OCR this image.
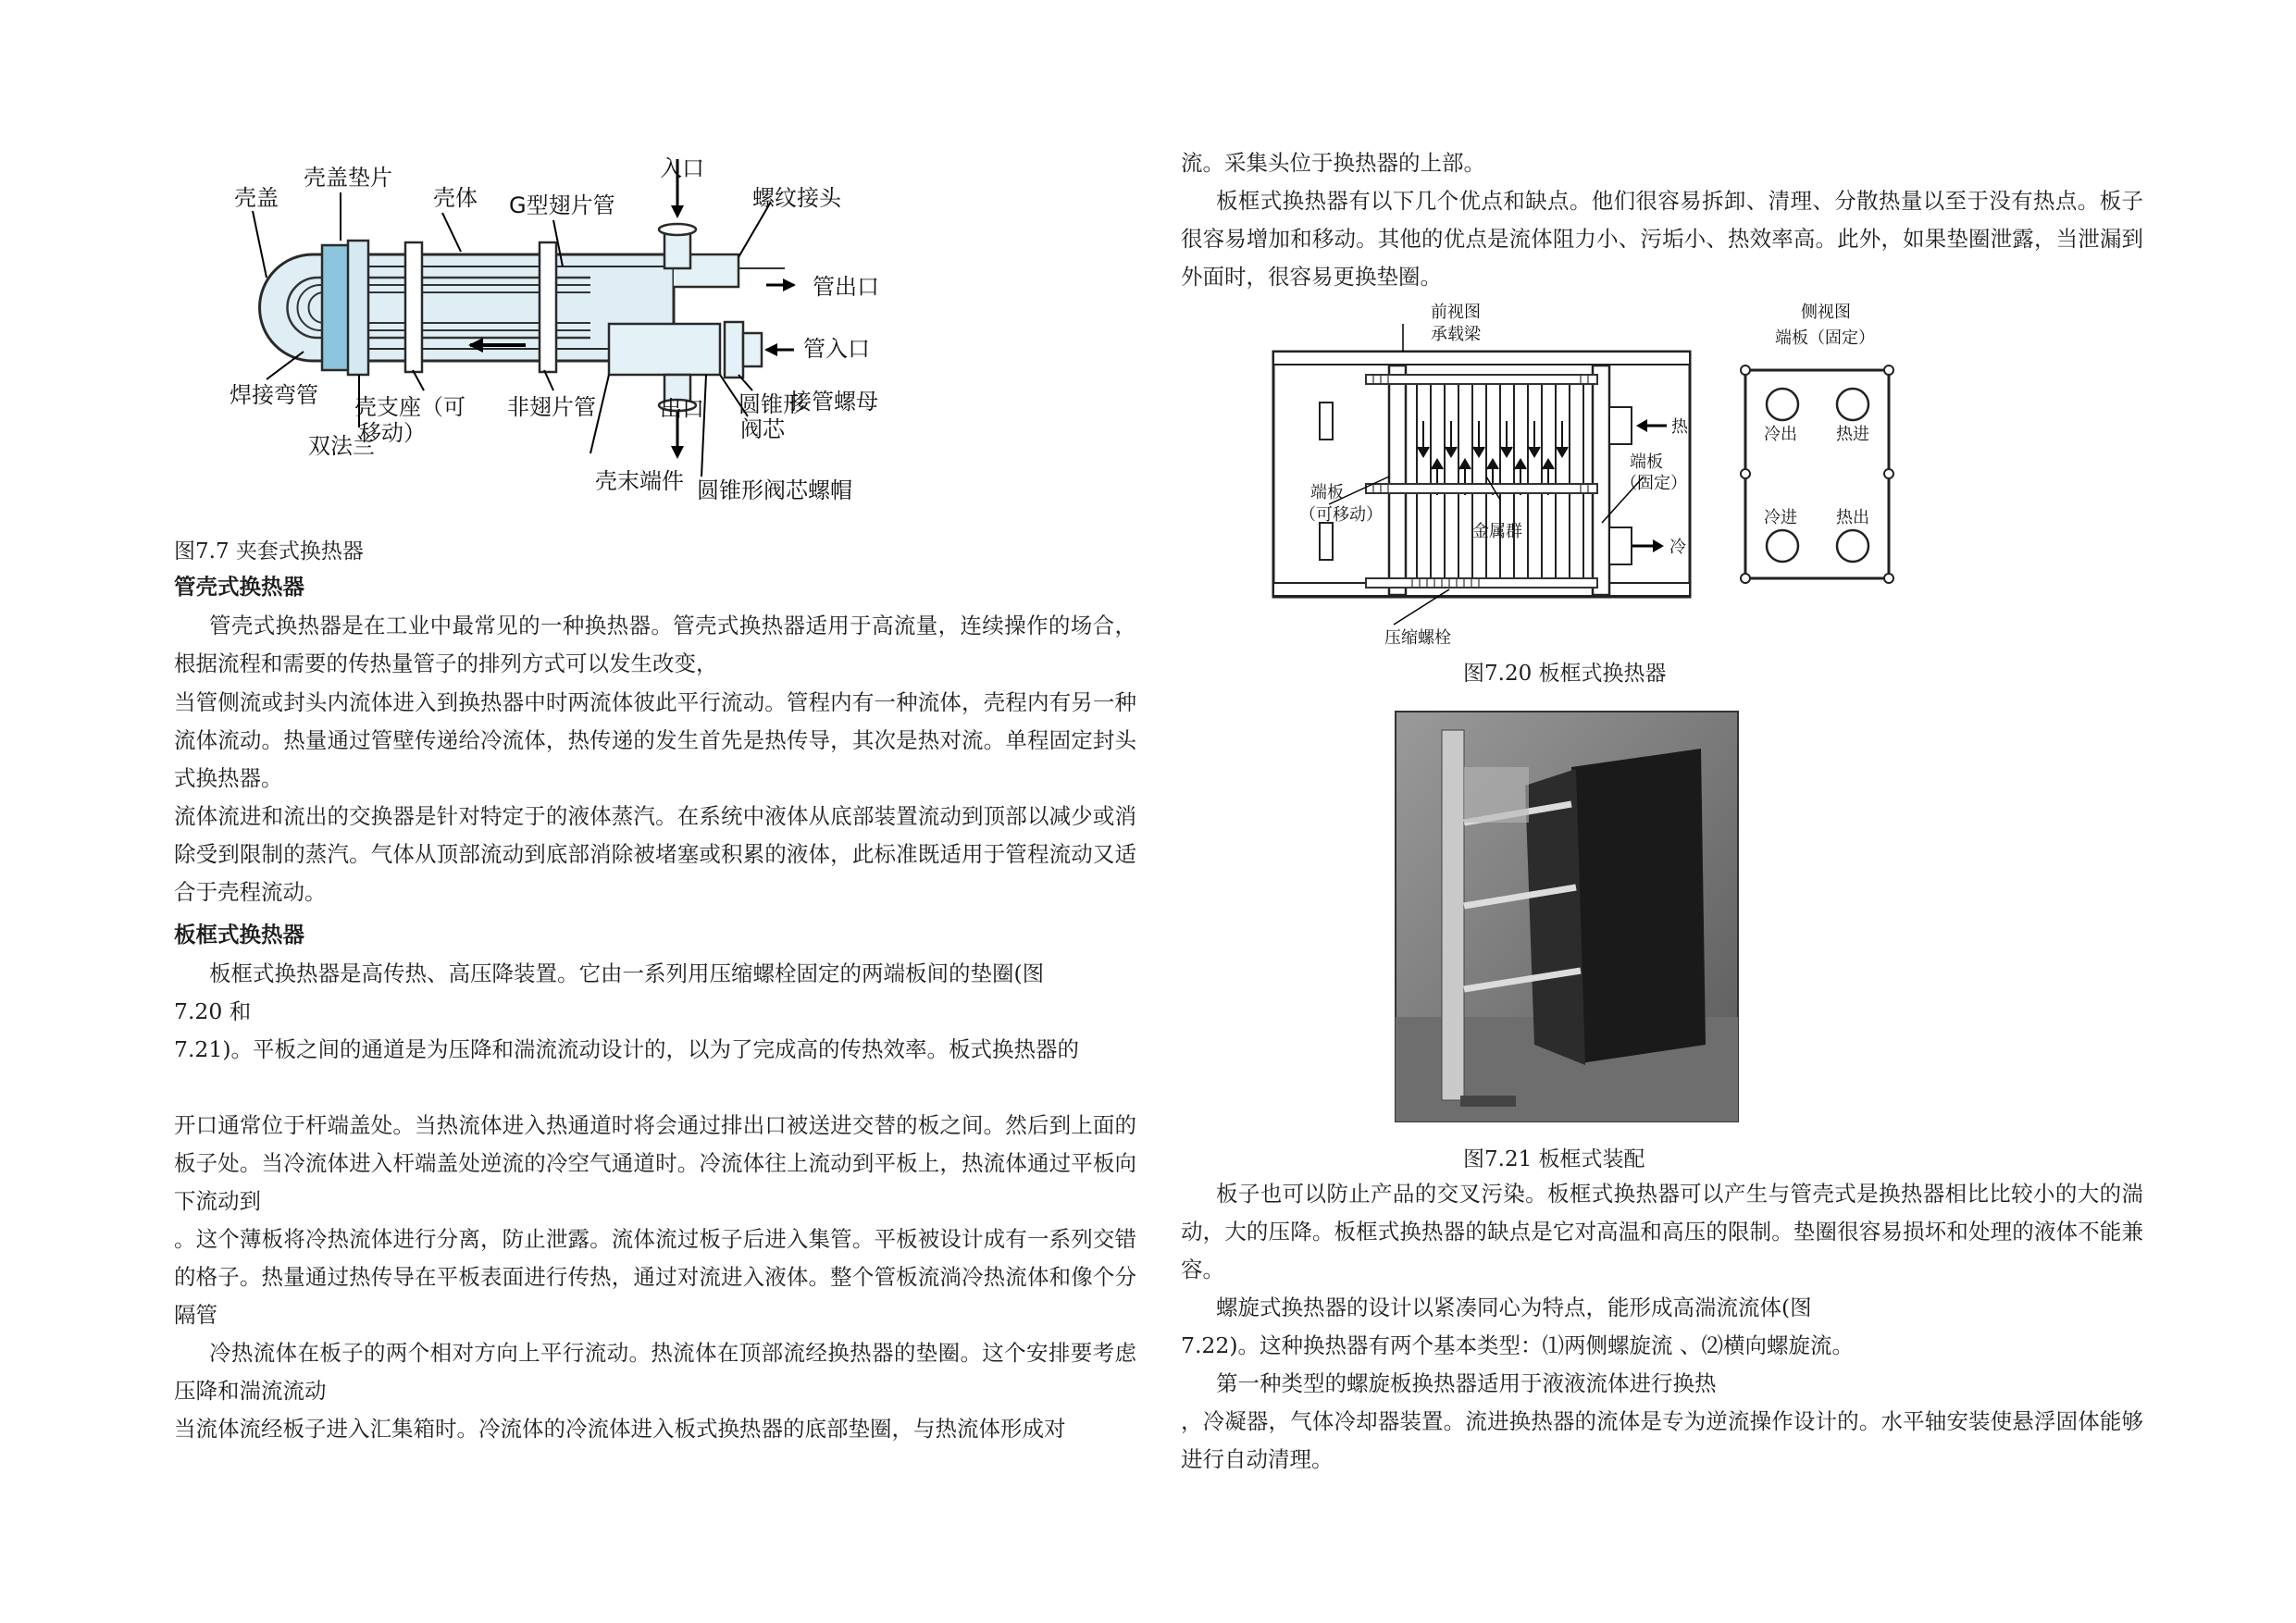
壳盖
壳盖垫片
壳体 G型翅片管
入口
螺纹接头
管出口
管入口
接管螺母
焊接弯管 壳支座（可
移动）
非翅片管	出口 圆锥形
阀芯
双法兰
壳末端件 圆锥形阀芯螺帽

图7.7 夹套式换热器

管壳式换热器

管壳式换热器是在工业中最常见的一种换热器。管壳式换热器适用于高流量，连续操作的场合，根据流程和需要的传热量管子的排列方式可以发生改变，

当管侧流或封头内流体进入到换热器中时两流体彼此平行流动。管程内有一种流体，壳程内有另一种流体流动。热量通过管壁传递给冷流体，热传递的发生首先是热传导，其次是热对流。单程固定封头式换热器。

流体流进和流出的交换器是针对特定于的液体蒸汽。在系统中液体从底部装置流动到顶部以减少或消除受到限制的蒸汽。气体从顶部流动到底部消除被堵塞或积累的液体，此标准既适用于管程流动又适合于壳程流动。

板框式换热器

板框式换热器是高传热、高压降装置。它由一系列用压缩螺栓固定的两端板间的垫圈(图

7.20 和

7.21)。平板之间的通道是为压降和湍流流动设计的，以为了完成高的传热效率。板式换热器的

开口通常位于杆端盖处。当热流体进入热通道时将会通过排出口被送进交替的板之间。然后到上面的板子处。当冷流体进入杆端盖处逆流的冷空气通道时。冷流体往上流动到平板上，热流体通过平板向下流动到

。这个薄板将冷热流体进行分离，防止泄露。流体流过板子后进入集管。平板被设计成有一系列交错的格子。热量通过热传导在平板表面进行传热，通过对流进入液体。整个管板流淌冷热流体和像个分隔管

冷热流体在板子的两个相对方向上平行流动。热流体在顶部流经换热器的垫圈。这个安排要考虑压降和湍流流动

当流体流经板子进入汇集箱时。冷流体的冷流体进入板式换热器的底部垫圈，与热流体形成对

流。采集头位于换热器的上部。

板框式换热器有以下几个优点和缺点。他们很容易拆卸、清理、分散热量以至于没有热点。板子很容易增加和移动。其他的优点是流体阻力小、污垢小、热效率高。此外，如果垫圈泄露，当泄漏到外面时，很容易更换垫圈。

前视图
承载梁
热
冷
端板
（固定）
端板
（可移动）
金属群
压缩螺栓
侧视图
端板（固定）
冷出 热进
冷进 热出

图7.20 板框式换热器

图7.21 板框式装配

板子也可以防止产品的交叉污染。板框式换热器可以产生与管壳式是换热器相比比较小的大的湍动，大的压降。板框式换热器的缺点是它对高温和高压的限制。垫圈很容易损坏和处理的液体不能兼容。

螺旋式换热器的设计以紧凑同心为特点，能形成高湍流流体(图

7.22)。这种换热器有两个基本类型：⑴两侧螺旋流 、⑵横向螺旋流。

第一种类型的螺旋板换热器适用于液液流体进行换热

，冷凝器，气体冷却器装置。流进换热器的流体是专为逆流操作设计的。水平轴安装使悬浮固体能够进行自动清理。
